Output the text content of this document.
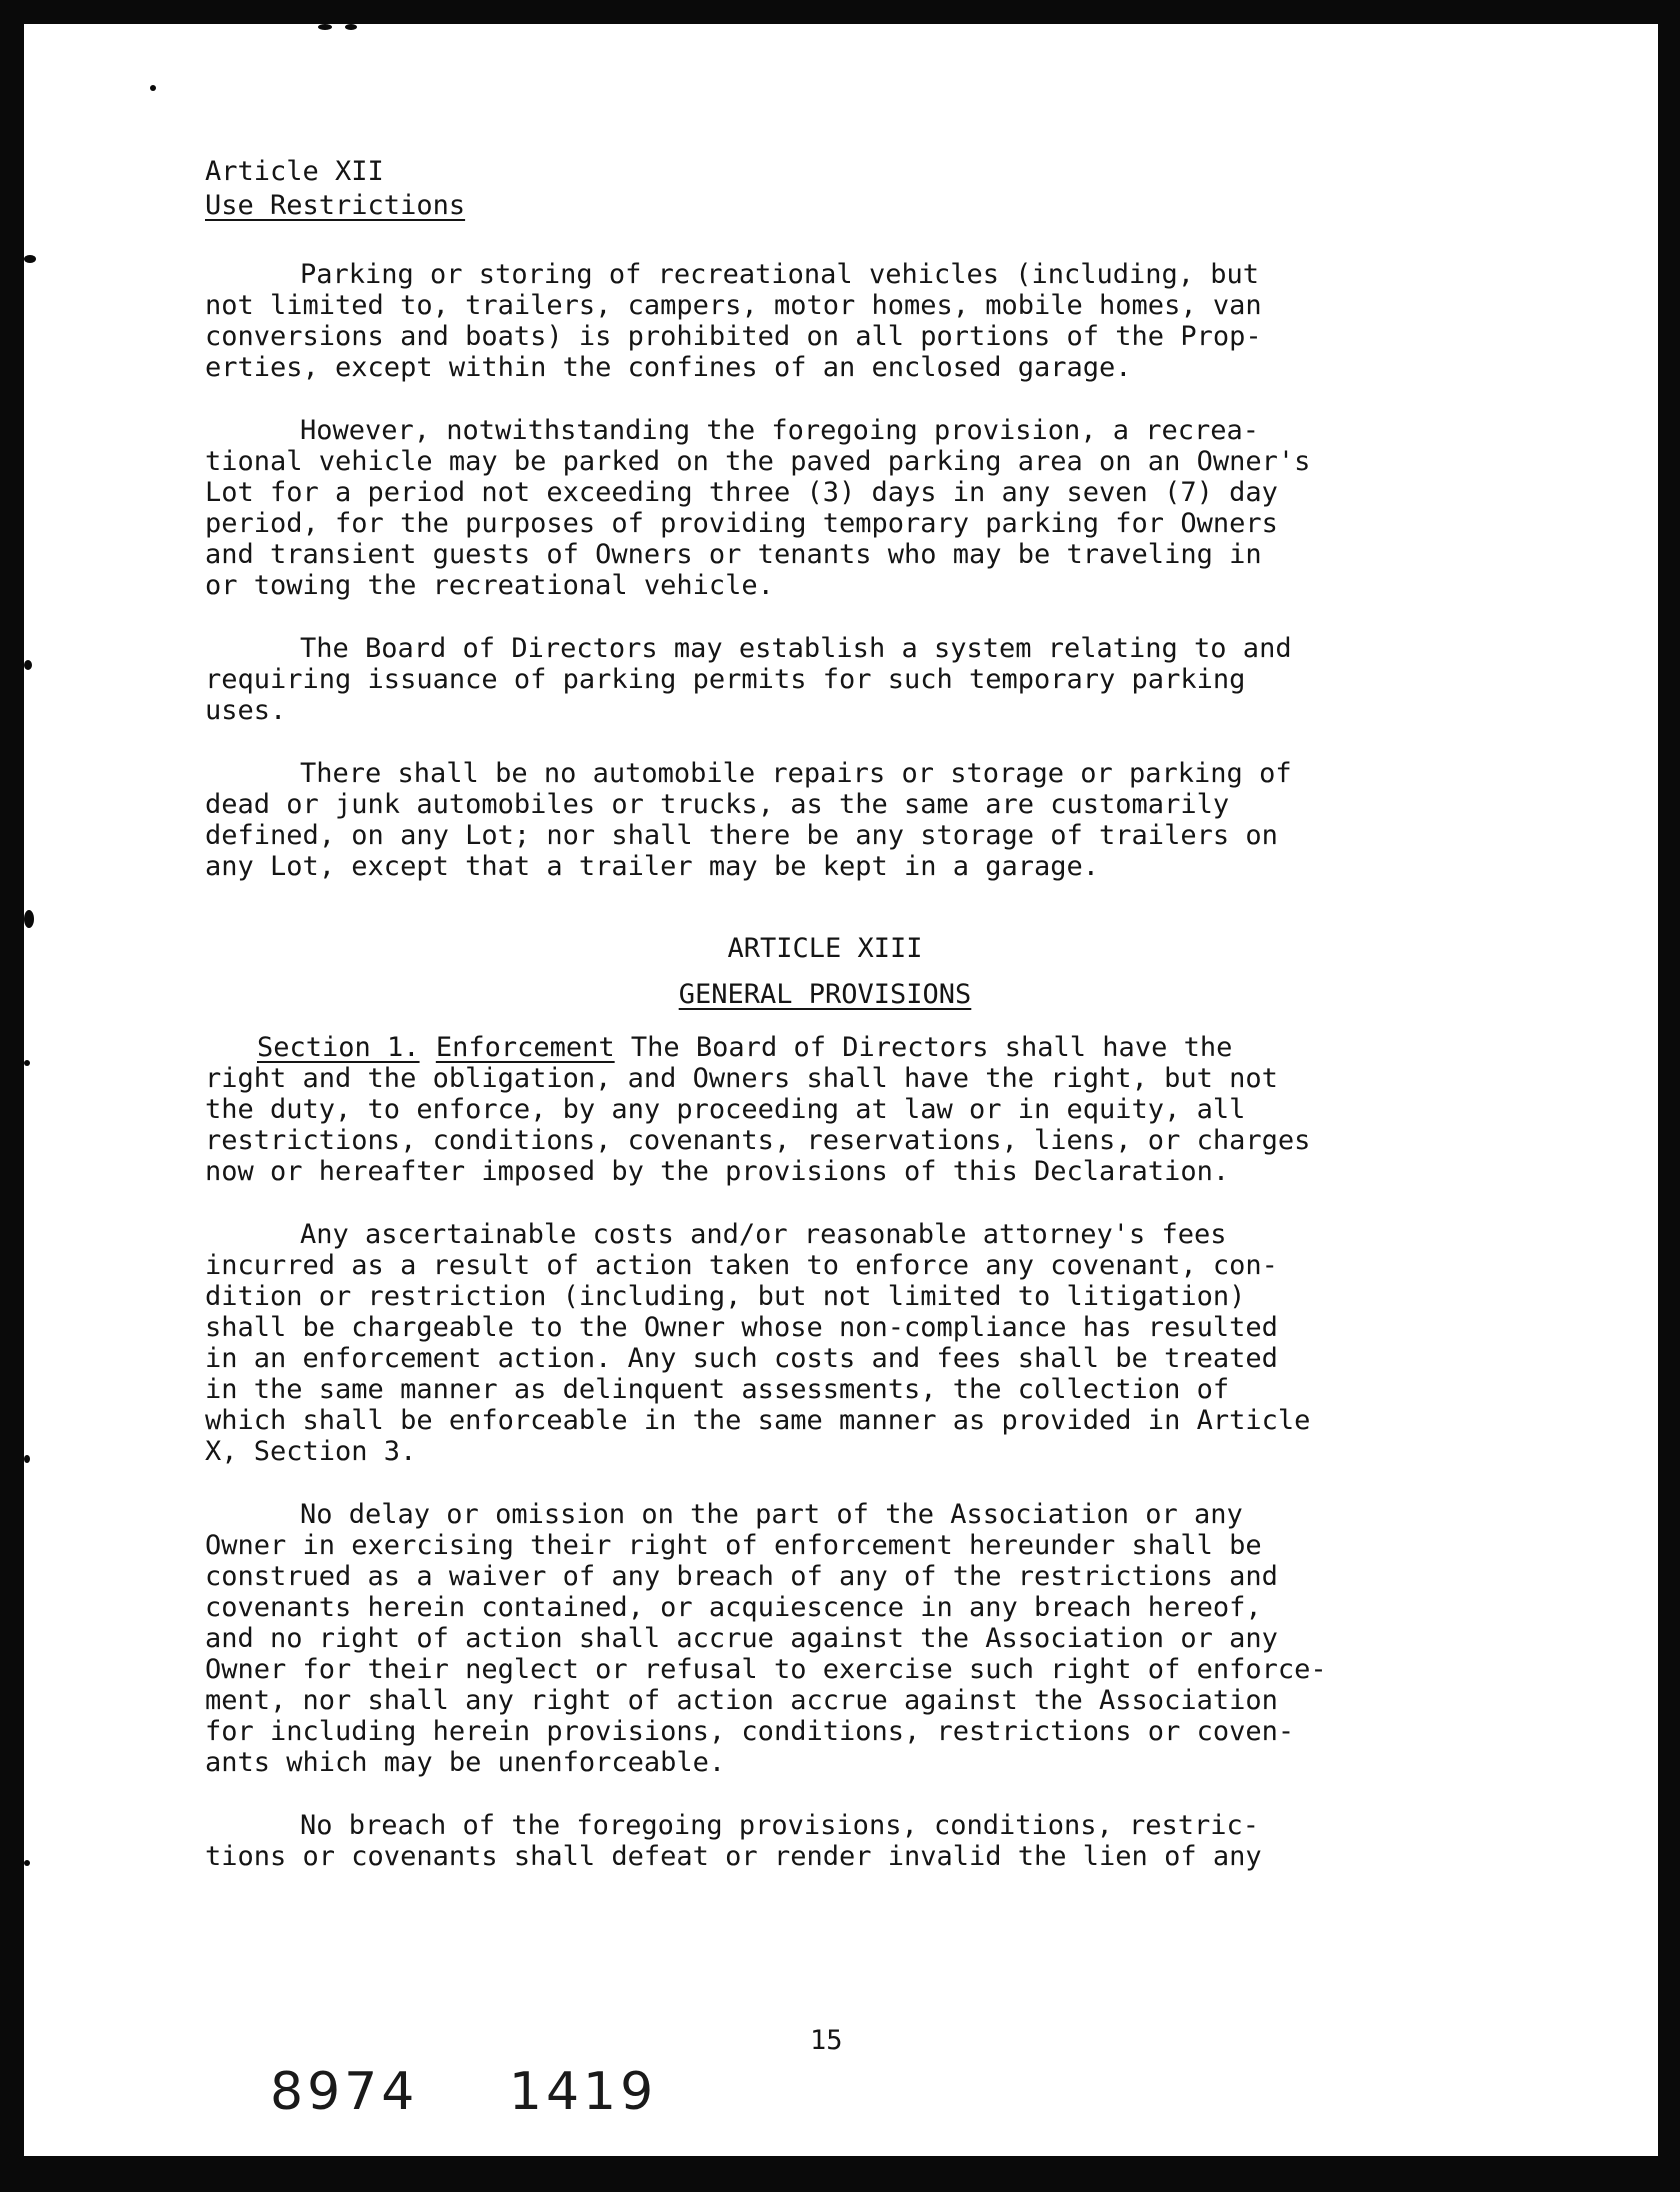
Article XII
Use Restrictions

Parking or storing of recreational vehicles (including, but
not limited to, trailers, campers, motor homes, mobile homes, van
conversions and boats) is prohibited on all portions of the Prop-
erties, except within the confines of an enclosed garage.

However, notwithstanding the foregoing provision, a recrea-
tional vehicle may be parked on the paved parking area on an Owner's
Lot for a period not exceeding three (3) days in any seven (7) day
period, for the purposes of providing temporary parking for Owners
and transient guests of Owners or tenants who may be traveling in
or towing the recreational vehicle.

The Board of Directors may establish a system relating to and
requiring issuance of parking permits for such temporary parking
uses.

There shall be no automobile repairs or storage or parking of
dead or junk automobiles or trucks, as the same are customarily
defined, on any Lot; nor shall there be any storage of trailers on
any Lot, except that a trailer may be kept in a garage.

ARTICLE XIII
GENERAL PROVISIONS

Section 1. Enforcement The Board of Directors shall have the
right and the obligation, and Owners shall have the right, but not
the duty, to enforce, by any proceeding at law or in equity, all
restrictions, conditions, covenants, reservations, liens, or charges
now or hereafter imposed by the provisions of this Declaration.

Any ascertainable costs and/or reasonable attorney's fees
incurred as a result of action taken to enforce any covenant, con-
dition or restriction (including, but not limited to litigation)
shall be chargeable to the Owner whose non-compliance has resulted
in an enforcement action. Any such costs and fees shall be treated
in the same manner as delinquent assessments, the collection of
which shall be enforceable in the same manner as provided in Article
X, Section 3.

No delay or omission on the part of the Association or any
Owner in exercising their right of enforcement hereunder shall be
construed as a waiver of any breach of any of the restrictions and
covenants herein contained, or acquiescence in any breach hereof,
and no right of action shall accrue against the Association or any
Owner for their neglect or refusal to exercise such right of enforce-
ment, nor shall any right of action accrue against the Association
for including herein provisions, conditions, restrictions or coven-
ants which may be unenforceable.

No breach of the foregoing provisions, conditions, restric-
tions or covenants shall defeat or render invalid the lien of any

15
8974 1419
